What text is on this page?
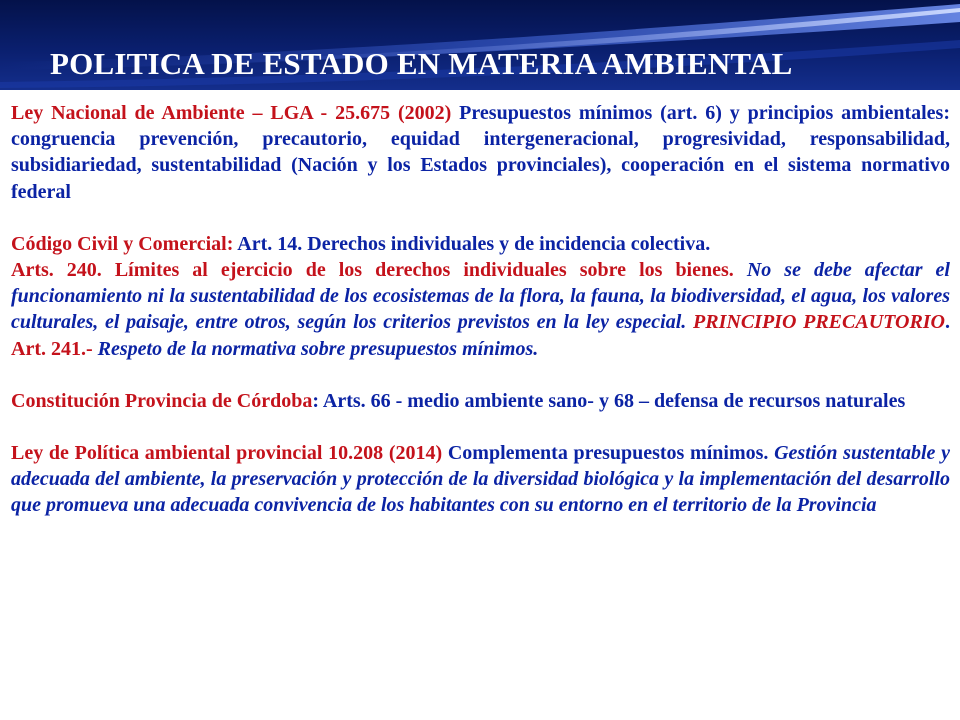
POLITICA DE ESTADO EN MATERIA AMBIENTAL

Ley Nacional de Ambiente – LGA - 25.675 (2002) Presupuestos mínimos (art. 6) y principios ambientales: congruencia prevención, precautorio, equidad intergeneracional, progresividad, responsabilidad, subsidiariedad, sustentabilidad (Nación y los Estados provinciales), cooperación en el sistema normativo federal

Código Civil y Comercial: Art. 14. Derechos individuales y de incidencia colectiva.

Arts. 240. Límites al ejercicio de los derechos individuales sobre los bienes. No se debe afectar el funcionamiento ni la sustentabilidad de los ecosistemas de la flora, la fauna, la biodiversidad, el agua, los valores culturales, el paisaje, entre otros, según los criterios previstos en la ley especial. PRINCIPIO PRECAUTORIO. Art. 241.- Respeto de la normativa sobre presupuestos mínimos.

Constitución Provincia de Córdoba: Arts. 66 - medio ambiente sano- y 68 – defensa de recursos naturales

Ley de Política ambiental provincial 10.208 (2014) Complementa presupuestos mínimos. Gestión sustentable y adecuada del ambiente, la preservación y protección de la diversidad biológica y la implementación del desarrollo que promueva una adecuada convivencia de los habitantes con su entorno en el territorio de la Provincia
